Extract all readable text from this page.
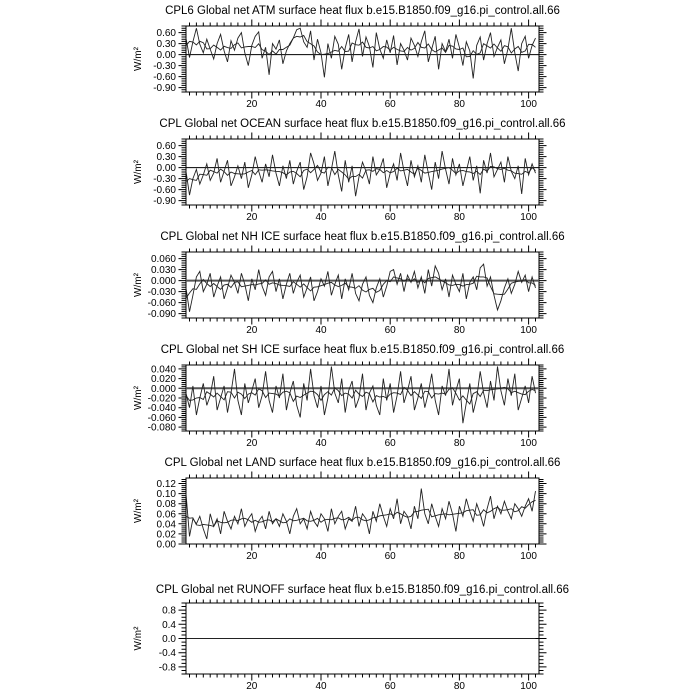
CPL6 Global net ATM surface heat flux b.e15.B1850.f09_g16.pi_control.all.66
W/m²
0.60
0.30
0.00
-0.30
-0.60
-0.90
20	40	60	80	100
CPL Global net OCEAN surface heat flux b.e15.B1850.f09_g16.pi_control.all.66
W/m²
0.60
0.30
0.00
-0.30
-0.60
-0.90
20	40	60	80	100
CPL Global net NH ICE surface heat flux b.e15.B1850.f09_g16.pi_control.all.66
W/m²
0.060
0.030
0.000
-0.030
-0.060
-0.090
20	40	60	80	100
CPL Global net SH ICE surface heat flux b.e15.B1850.f09_g16.pi_control.all.66
W/m²
0.040
0.020
0.000
-0.020
-0.040
-0.060
-0.080
20	40	60	80	100
CPL Global net LAND surface heat flux b.e15.B1850.f09_g16.pi_control.all.66
W/m²
0.12
0.10
0.08
0.06
0.04
0.02
0.00
20	40	60	80	100
CPL Global net RUNOFF surface heat flux b.e15.B1850.f09_g16.pi_control.all.66
W/m²
0.8
0.4
0.0
-0.4
-0.8
20	40	60	80	100
